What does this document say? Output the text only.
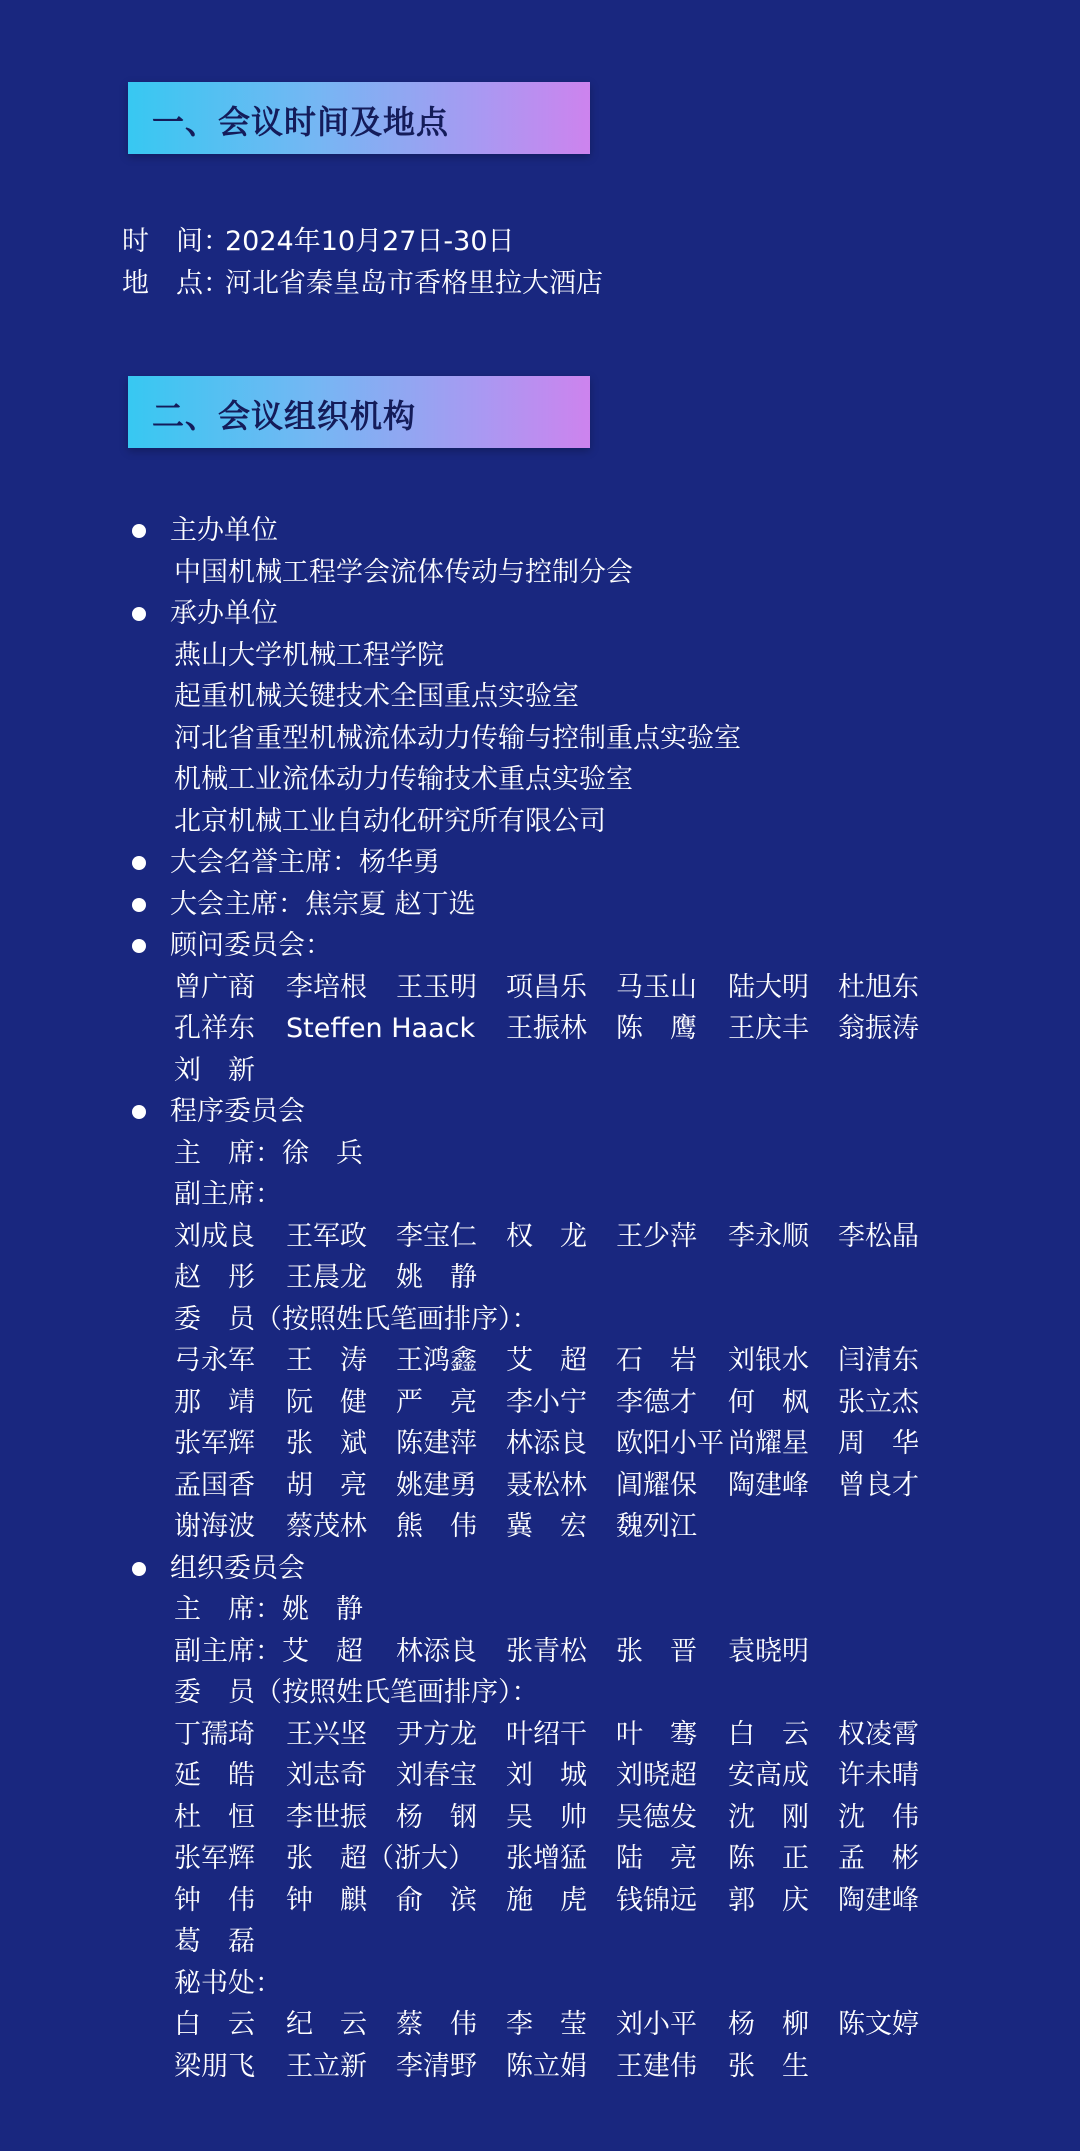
一、会议时间及地点
时　间：2024年10月27日-30日
地　点：河北省秦皇岛市香格里拉大酒店
二、会议组织机构
主办单位
中国机械工程学会流体传动与控制分会
承办单位
燕山大学机械工程学院
起重机械关键技术全国重点实验室
河北省重型机械流体动力传输与控制重点实验室
机械工业流体动力传输技术重点实验室
北京机械工业自动化研究所有限公司
大会名誉主席：杨华勇
大会主席：焦宗夏 赵丁选
顾问委员会：
曾广商 李培根 王玉明 项昌乐 马玉山 陆大明 杜旭东
孔祥东 Steffen Haack 王振林 陈　鹰 王庆丰 翁振涛
刘　新
程序委员会
主　席：徐　兵
副主席：
刘成良 王军政 李宝仁 权　龙 王少萍 李永顺 李松晶
赵　彤 王晨龙 姚　静
委　员（按照姓氏笔画排序）：
弓永军 王　涛 王鸿鑫 艾　超 石　岩 刘银水 闫清东
那　靖 阮　健 严　亮 李小宁 李德才 何　枫 张立杰
张军辉 张　斌 陈建萍 林添良 欧阳小平 尚耀星 周　华
孟国香 胡　亮 姚建勇 聂松林 阊耀保 陶建峰 曾良才
谢海波 蔡茂林 熊　伟 冀　宏 魏列江
组织委员会
主　席：姚　静
副主席：艾　超 林添良 张青松 张　晋 袁晓明
委　员（按照姓氏笔画排序）：
丁孺琦 王兴坚 尹方龙 叶绍干 叶　骞 白　云 权凌霄
延　皓 刘志奇 刘春宝 刘　城 刘晓超 安高成 许未晴
杜　恒 李世振 杨　钢 吴　帅 吴德发 沈　刚 沈　伟
张军辉 张　超（浙大） 张增猛 陆　亮 陈　正 孟　彬
钟　伟 钟　麒 俞　滨 施　虎 钱锦远 郭　庆 陶建峰
葛　磊
秘书处：
白　云 纪　云 蔡　伟 李　莹 刘小平 杨　柳 陈文婷
梁朋飞 王立新 李清野 陈立娟 王建伟 张　生
